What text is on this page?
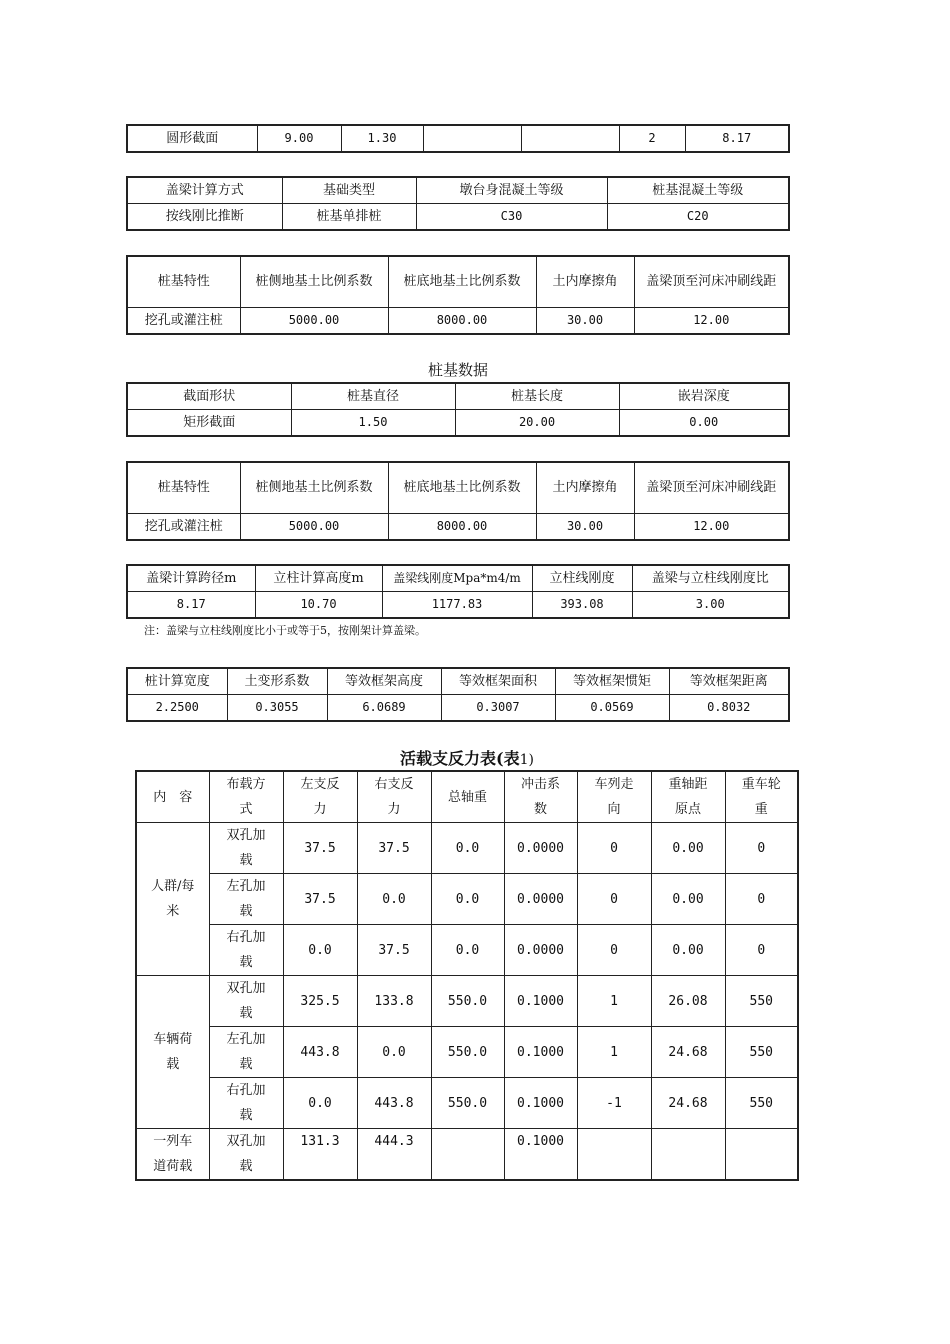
圆形截面	9.00	1.30			2	8.17
盖梁计算方式	基础类型	墩台身混凝土等级	桩基混凝土等级
按线刚比推断	桩基单排桩	C30	C20
桩基特性	桩侧地基土比例系数	桩底地基土比例系数	土内摩擦角	盖梁顶至河床冲刷线距
挖孔或灌注桩	5000.00	8000.00	30.00	12.00
桩基数据
截面形状	桩基直径	桩基长度	嵌岩深度
矩形截面	1.50	20.00	0.00
桩基特性	桩侧地基土比例系数	桩底地基土比例系数	土内摩擦角	盖梁顶至河床冲刷线距
挖孔或灌注桩	5000.00	8000.00	30.00	12.00
盖梁计算跨径m	立柱计算高度m	盖梁线刚度Mpa*m4/m	立柱线刚度	盖梁与立柱线刚度比
8.17	10.70	1177.83	393.08	3.00
注：盖梁与立柱线刚度比小于或等于5，按刚架计算盖梁。
桩计算宽度	土变形系数	等效框架高度	等效框架面积	等效框架惯矩	等效框架距离
2.2500	0.3055	6.0689	0.3007	0.0569	0.8032
活载支反力表(表1)
内　容	布载方式	左支反力	右支反力	总轴重	冲击系数	车列走向	重轴距原点	重车轮重
人群/每米	双孔加载	37.5	37.5	0.0	0.0000	0	0.00	0
	左孔加载	37.5	0.0	0.0	0.0000	0	0.00	0
	右孔加载	0.0	37.5	0.0	0.0000	0	0.00	0
车辆荷载	双孔加载	325.5	133.8	550.0	0.1000	1	26.08	550
	左孔加载	443.8	0.0	550.0	0.1000	1	24.68	550
	右孔加载	0.0	443.8	550.0	0.1000	-1	24.68	550
一列车道荷载	双孔加载	131.3	444.3		0.1000			
